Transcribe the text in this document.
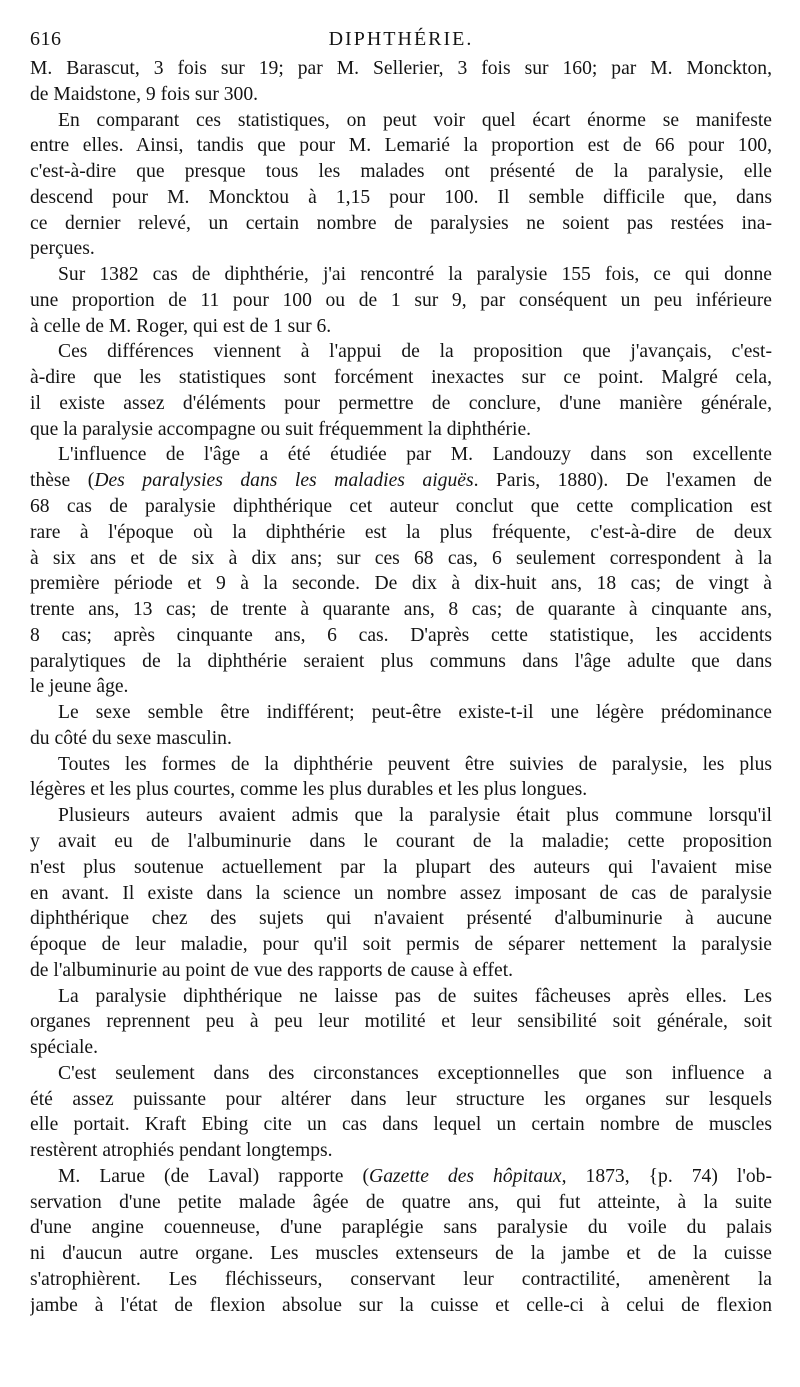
616	DIPHTHÉRIE.
M. Barascut, 3 fois sur 19; par M. Sellerier, 3 fois sur 160; par M. Monckton,
de Maidstone, 9 fois sur 300.
En comparant ces statistiques, on peut voir quel écart énorme se manifeste
entre elles. Ainsi, tandis que pour M. Lemarié la proportion est de 66 pour 100,
c'est-à-dire que presque tous les malades ont présenté de la paralysie, elle
descend pour M. Moncktou à 1,15 pour 100. Il semble difficile que, dans
ce dernier relevé, un certain nombre de paralysies ne soient pas restées ina-
perçues.
Sur 1382 cas de diphthérie, j'ai rencontré la paralysie 155 fois, ce qui donne
une proportion de 11 pour 100 ou de 1 sur 9, par conséquent un peu inférieure
à celle de M. Roger, qui est de 1 sur 6.
Ces différences viennent à l'appui de la proposition que j'avançais, c'est-
à-dire que les statistiques sont forcément inexactes sur ce point. Malgré cela,
il existe assez d'éléments pour permettre de conclure, d'une manière générale,
que la paralysie accompagne ou suit fréquemment la diphthérie.
L'influence de l'âge a été étudiée par M. Landouzy dans son excellente
thèse (Des paralysies dans les maladies aiguës. Paris, 1880). De l'examen de
68 cas de paralysie diphthérique cet auteur conclut que cette complication est
rare à l'époque où la diphthérie est la plus fréquente, c'est-à-dire de deux
à six ans et de six à dix ans; sur ces 68 cas, 6 seulement correspondent à la
première période et 9 à la seconde. De dix à dix-huit ans, 18 cas; de vingt à
trente ans, 13 cas; de trente à quarante ans, 8 cas; de quarante à cinquante ans,
8 cas; après cinquante ans, 6 cas. D'après cette statistique, les accidents
paralytiques de la diphthérie seraient plus communs dans l'âge adulte que dans
le jeune âge.
Le sexe semble être indifférent; peut-être existe-t-il une légère prédominance
du côté du sexe masculin.
Toutes les formes de la diphthérie peuvent être suivies de paralysie, les plus
légères et les plus courtes, comme les plus durables et les plus longues.
Plusieurs auteurs avaient admis que la paralysie était plus commune lorsqu'il
y avait eu de l'albuminurie dans le courant de la maladie; cette proposition
n'est plus soutenue actuellement par la plupart des auteurs qui l'avaient mise
en avant. Il existe dans la science un nombre assez imposant de cas de paralysie
diphthérique chez des sujets qui n'avaient présenté d'albuminurie à aucune
époque de leur maladie, pour qu'il soit permis de séparer nettement la paralysie
de l'albuminurie au point de vue des rapports de cause à effet.
La paralysie diphthérique ne laisse pas de suites fâcheuses après elles. Les
organes reprennent peu à peu leur motilité et leur sensibilité soit générale, soit
spéciale.
C'est seulement dans des circonstances exceptionnelles que son influence a
été assez puissante pour altérer dans leur structure les organes sur lesquels
elle portait. Kraft Ebing cite un cas dans lequel un certain nombre de muscles
restèrent atrophiés pendant longtemps.
M. Larue (de Laval) rapporte (Gazette des hôpitaux, 1873, {p. 74) l'ob-
servation d'une petite malade âgée de quatre ans, qui fut atteinte, à la suite
d'une angine couenneuse, d'une paraplégie sans paralysie du voile du palais
ni d'aucun autre organe. Les muscles extenseurs de la jambe et de la cuisse
s'atrophièrent. Les fléchisseurs, conservant leur contractilité, amenèrent la
jambe à l'état de flexion absolue sur la cuisse et celle-ci à celui de flexion
